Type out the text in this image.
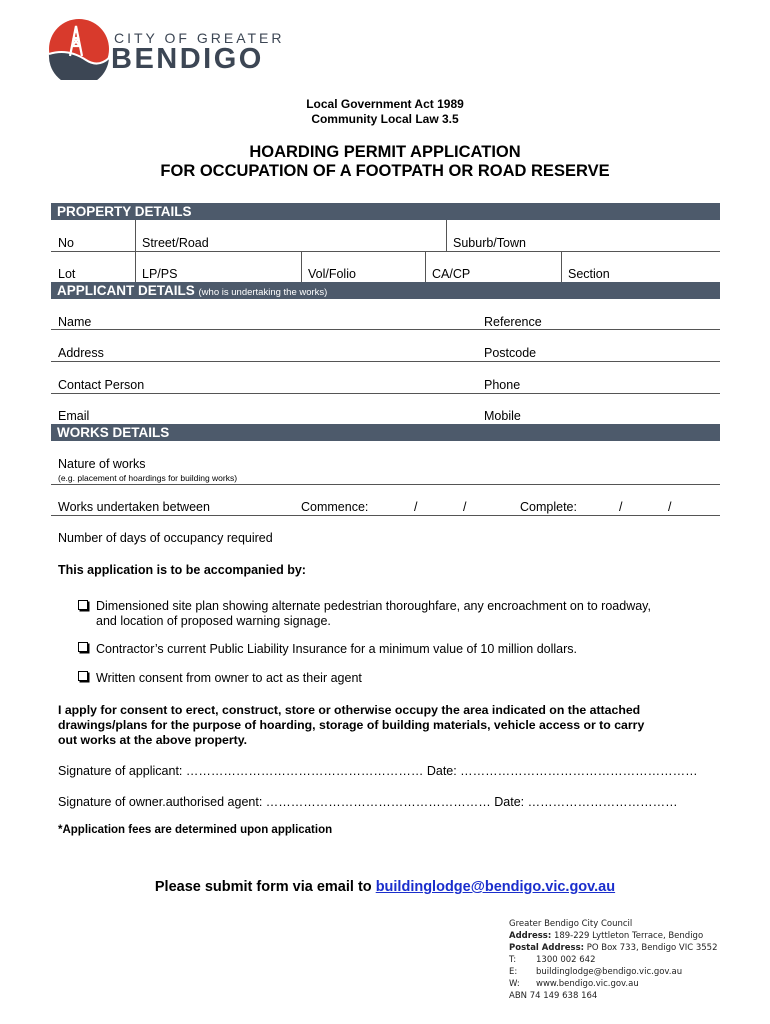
CITY OF GREATER
BENDIGO
Local Government Act 1989
Community Local Law 3.5
HOARDING PERMIT APPLICATION
FOR OCCUPATION OF A FOOTPATH OR ROAD RESERVE
PROPERTY DETAILS
No	Street/Road	Suburb/Town
Lot	LP/PS	Vol/Folio	CA/CP	Section
APPLICANT DETAILS (who is undertaking the works)
Name	Reference
Address	Postcode
Contact Person	Phone
Email	Mobile
WORKS DETAILS
Nature of works
(e.g. placement of hoardings for building works)
Works undertaken between	Commence:	/	/	Complete:	/	/
Number of days of occupancy required
This application is to be accompanied by:
Dimensioned site plan showing alternate pedestrian thoroughfare, any encroachment on to roadway,
and location of proposed warning signage.
Contractor’s current Public Liability Insurance for a minimum value of 10 million dollars.
Written consent from owner to act as their agent
I apply for consent to erect, construct, store or otherwise occupy the area indicated on the attached
drawings/plans for the purpose of hoarding, storage of building materials, vehicle access or to carry
out works at the above property.
Signature of applicant: ………………………………………………… Date: …………………………………………………
Signature of owner.authorised agent: ……………………………………………… Date: ………………………………
*Application fees are determined upon application
Please submit form via email to buildinglodge@bendigo.vic.gov.au
Greater Bendigo City Council
Address: 189-229 Lyttleton Terrace, Bendigo
Postal Address: PO Box 733, Bendigo VIC 3552
T: 1300 002 642
E: buildinglodge@bendigo.vic.gov.au
W: www.bendigo.vic.gov.au
ABN 74 149 638 164
